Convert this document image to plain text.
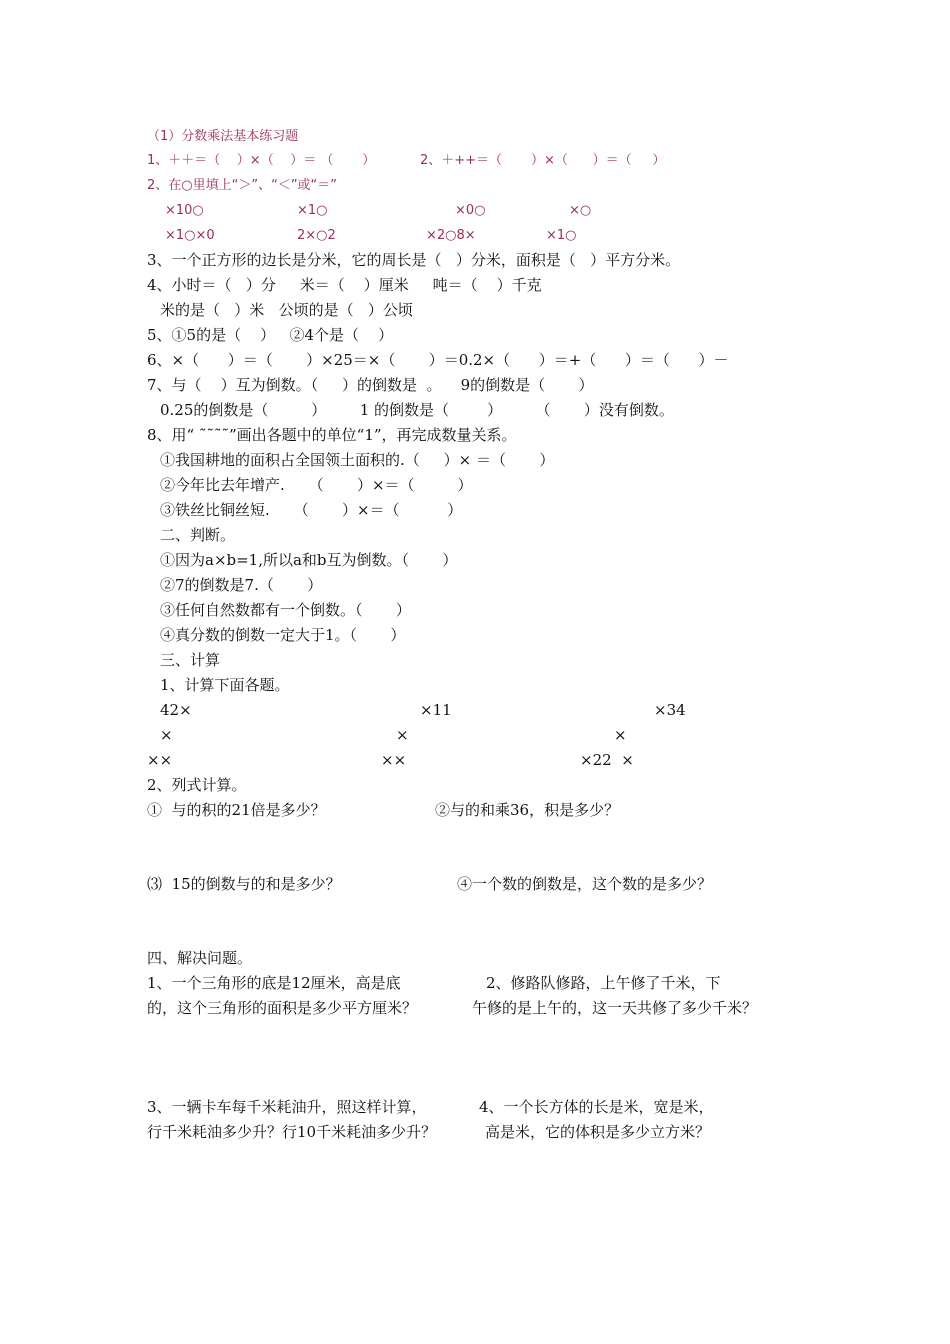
（1）分数乘法基本练习题
1、＋＋＝（    ）×（    ）＝ （       ）	2、＋++＝（       ）×（      ）＝（     ）
2、在○里填上“＞”、“＜”或“＝”
×10○	×1○	×0○	×○
×1○×0	2×○2	×2○8×	×1○
3、一个正方形的边长是分米，它的周长是（   ）分米，面积是（   ）平方分米。
4、小时＝（   ）分     米＝（    ）厘米     吨＝（    ）千克
米的是（   ）米   公顷的是（   ）公顷
5、①5的是（    ）   ②4个是（    ）
6、×（      ）＝（       ）×25＝×（       ）＝0.2×（      ）＝+（      ）＝（      ）－
7、与（    ）互为倒数。（     ）的倒数是  。    9的倒数是（       ）
0.25的倒数是（         ）       1 的倒数是（        ）       （       ）没有倒数。
8、用“ ˜˜˜˜”画出各题中的单位“1”，再完成数量关系。
①我国耕地的面积占全国领土面积的.（     ）× ＝（       ）
②今年比去年增产.     （       ）×＝（         ）
③铁丝比铜丝短.     （       ）×＝（          ）
二、判断。
①因为a×b=1,所以a和b互为倒数。（       ）
②7的倒数是7.（       ）
③任何自然数都有一个倒数。（       ）
④真分数的倒数一定大于1。（       ）
三、计算
1、计算下面各题。
42×	×11	×34
×	×	×
××	××	×22  ×
2、列式计算。
①  与的积的21倍是多少？	②与的和乘36，积是多少？
⑶  15的倒数与的和是多少？	④一个数的倒数是，这个数的是多少？
四、解决问题。
1、一个三角形的底是12厘米，高是底
的，这个三角形的面积是多少平方厘米？
2、修路队修路，上午修了千米，下
午修的是上午的，这一天共修了多少千米？
3、一辆卡车每千米耗油升，照这样计算，
行千米耗油多少升？行10千米耗油多少升？
4、一个长方体的长是米，宽是米，
高是米，它的体积是多少立方米？
